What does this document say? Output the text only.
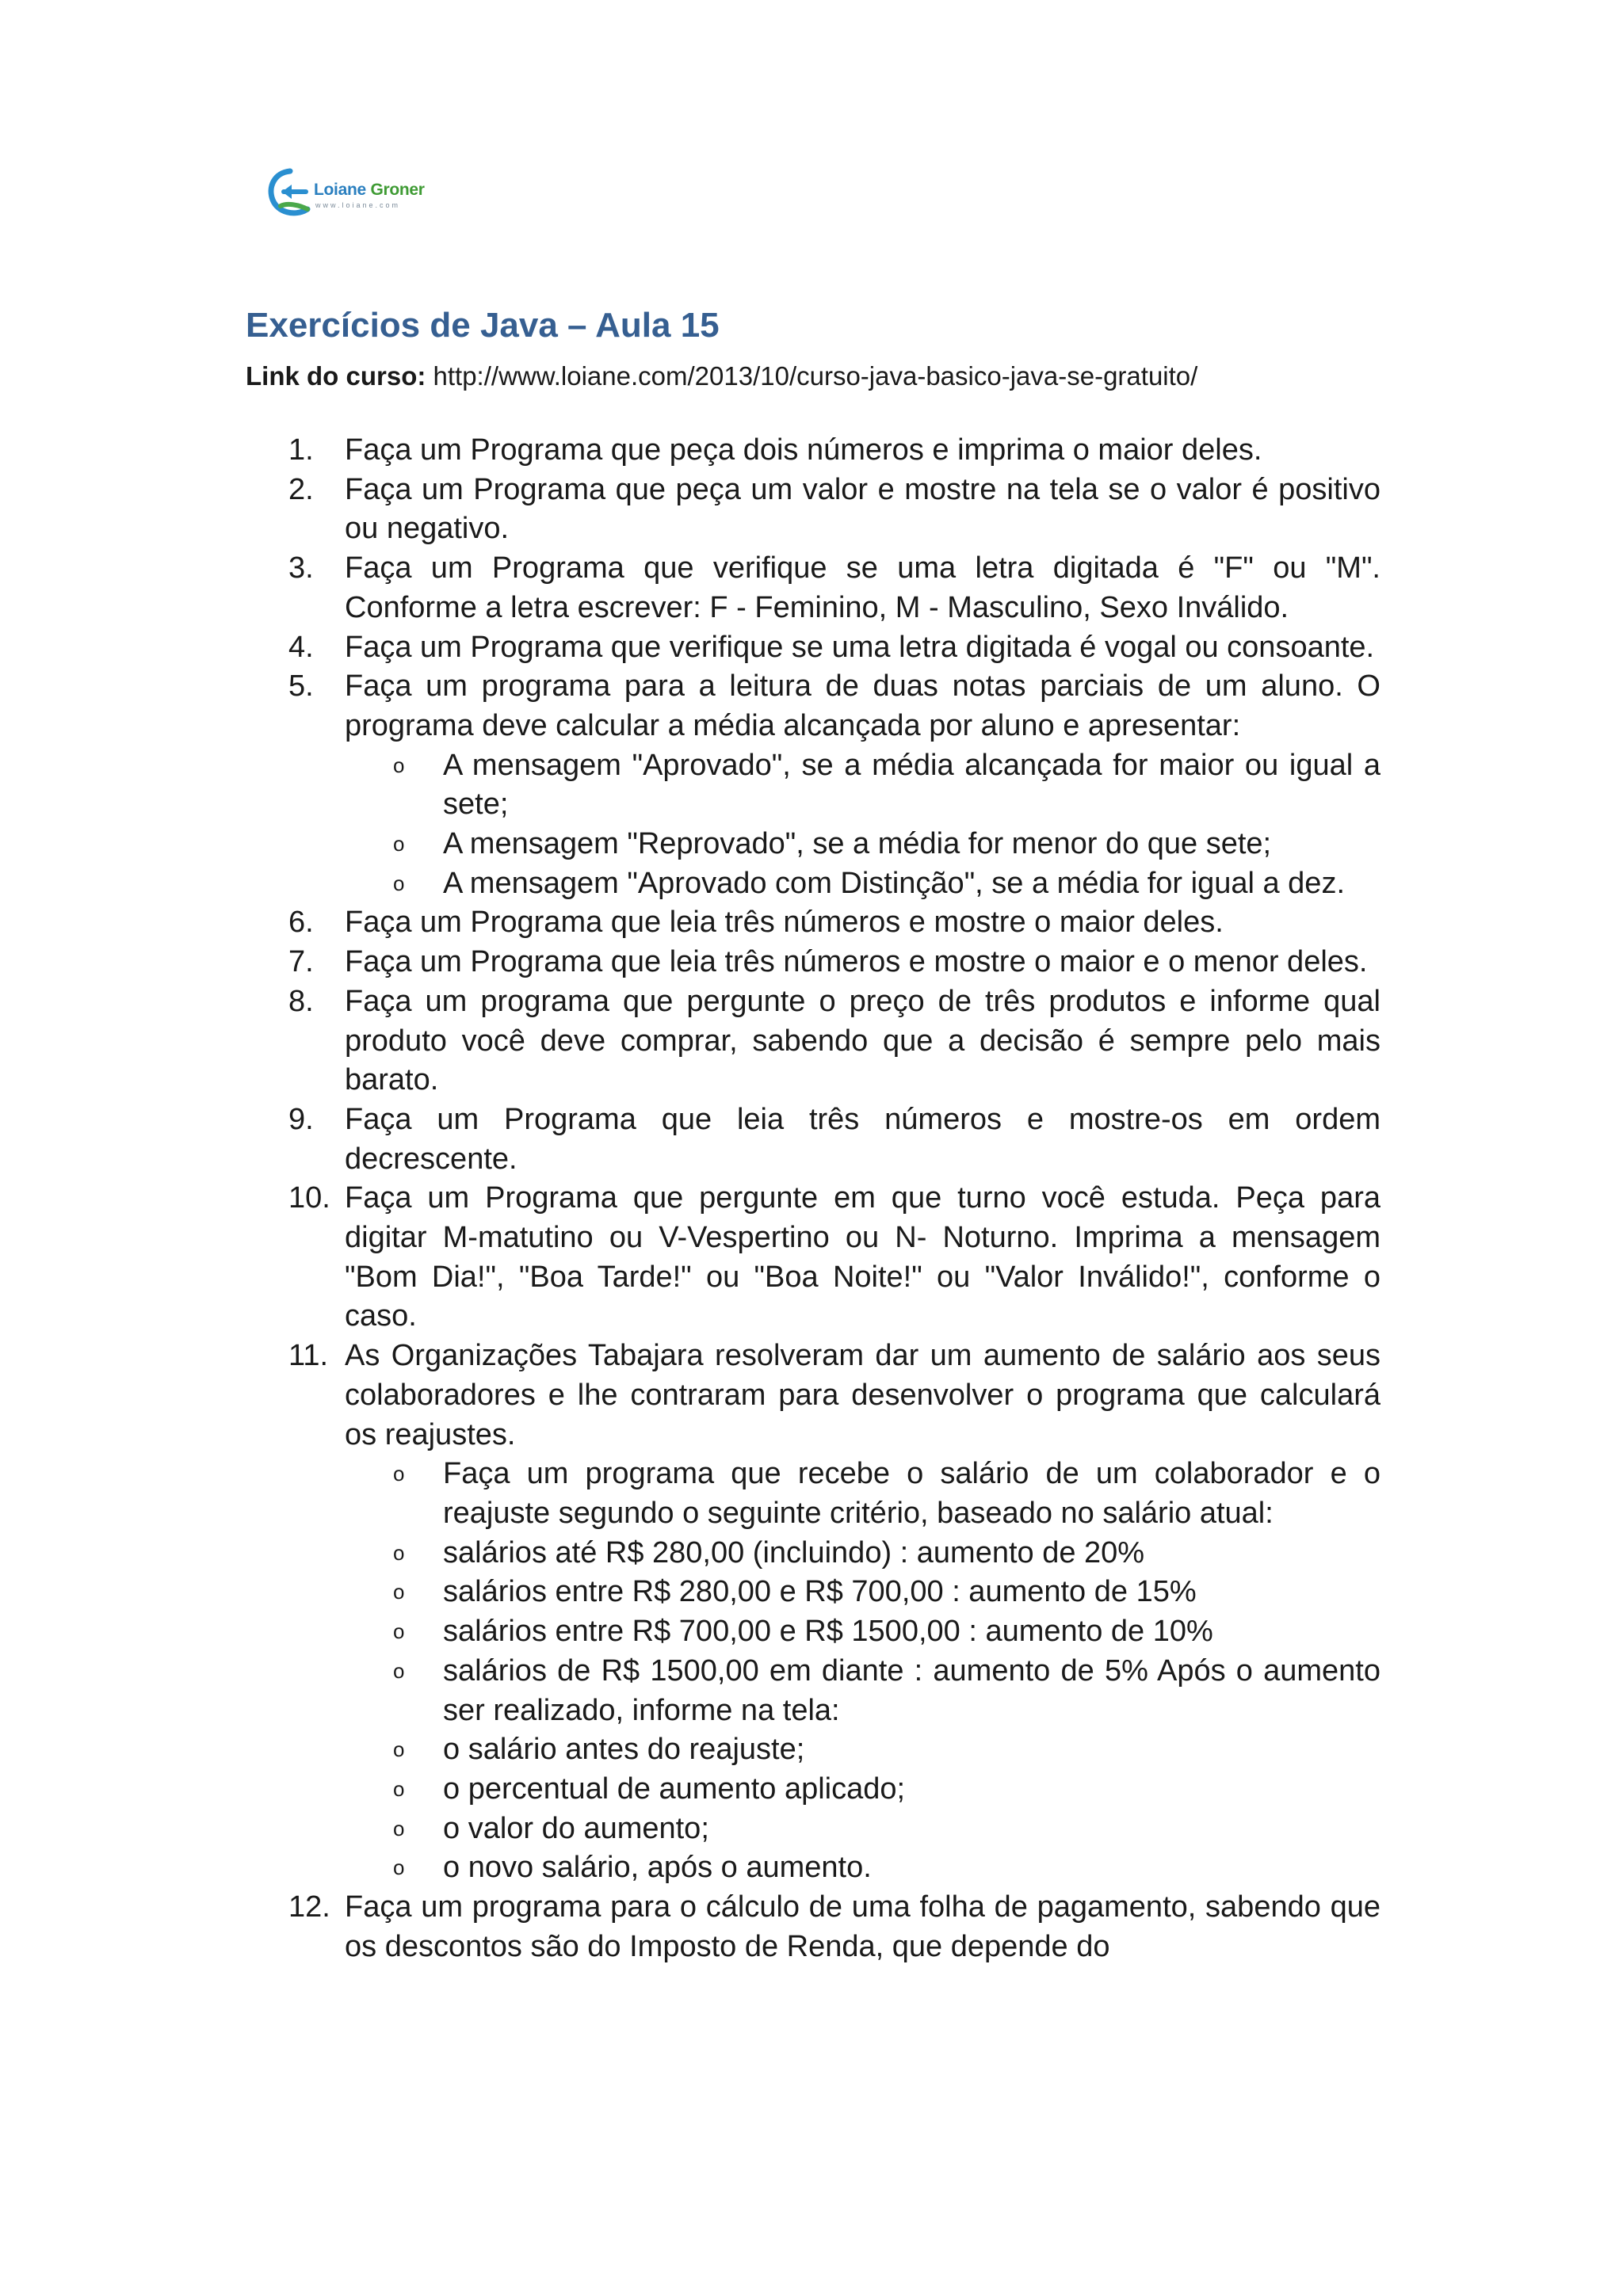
Loiane Groner
www.loiane.com
Exercícios de Java – Aula 15
Link do curso: http://www.loiane.com/2013/10/curso-java-basico-java-se-gratuito/
1. Faça um Programa que peça dois números e imprima o maior deles.
2. Faça um Programa que peça um valor e mostre na tela se o valor é positivo ou negativo.
3. Faça um Programa que verifique se uma letra digitada é "F" ou "M". Conforme a letra escrever: F - Feminino, M - Masculino, Sexo Inválido.
4. Faça um Programa que verifique se uma letra digitada é vogal ou consoante.
5. Faça um programa para a leitura de duas notas parciais de um aluno. O programa deve calcular a média alcançada por aluno e apresentar:
o A mensagem "Aprovado", se a média alcançada for maior ou igual a sete;
o A mensagem "Reprovado", se a média for menor do que sete;
o A mensagem "Aprovado com Distinção", se a média for igual a dez.
6. Faça um Programa que leia três números e mostre o maior deles.
7. Faça um Programa que leia três números e mostre o maior e o menor deles.
8. Faça um programa que pergunte o preço de três produtos e informe qual produto você deve comprar, sabendo que a decisão é sempre pelo mais barato.
9. Faça um Programa que leia três números e mostre-os em ordem decrescente.
10. Faça um Programa que pergunte em que turno você estuda. Peça para digitar M-matutino ou V-Vespertino ou N- Noturno. Imprima a mensagem "Bom Dia!", "Boa Tarde!" ou "Boa Noite!" ou "Valor Inválido!", conforme o caso.
11. As Organizações Tabajara resolveram dar um aumento de salário aos seus colaboradores e lhe contraram para desenvolver o programa que calculará os reajustes.
o Faça um programa que recebe o salário de um colaborador e o reajuste segundo o seguinte critério, baseado no salário atual:
o salários até R$ 280,00 (incluindo) : aumento de 20%
o salários entre R$ 280,00 e R$ 700,00 : aumento de 15%
o salários entre R$ 700,00 e R$ 1500,00 : aumento de 10%
o salários de R$ 1500,00 em diante : aumento de 5% Após o aumento ser realizado, informe na tela:
o o salário antes do reajuste;
o o percentual de aumento aplicado;
o o valor do aumento;
o o novo salário, após o aumento.
12. Faça um programa para o cálculo de uma folha de pagamento, sabendo que os descontos são do Imposto de Renda, que depende do
